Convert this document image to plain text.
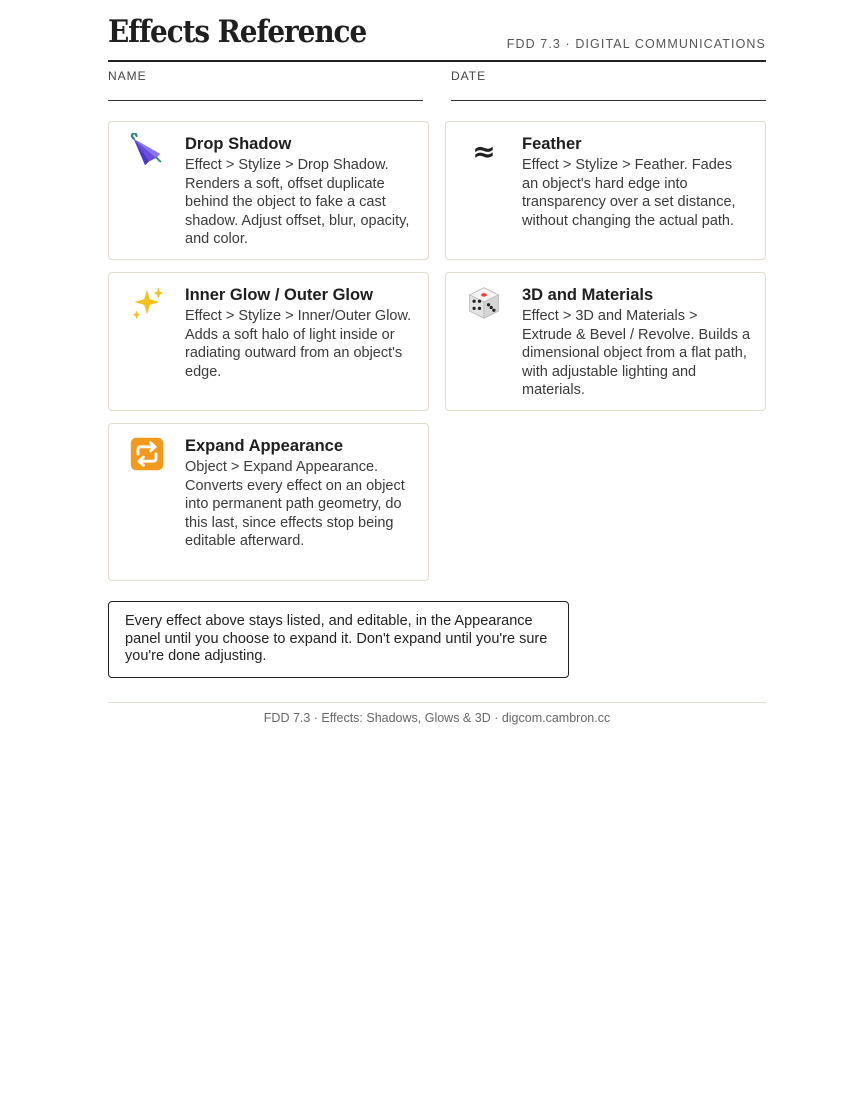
Effects Reference	FDD 7.3 · DIGITAL COMMUNICATIONS
NAME	DATE

Drop Shadow

Effect > Stylize > Drop Shadow. Renders a soft, offset duplicate behind the object to fake a cast shadow. Adjust offset, blur, opacity, and color.

≈ Feather

Effect > Stylize > Feather. Fades an object's hard edge into transparency over a set distance, without changing the actual path.

Inner Glow / Outer Glow

Effect > Stylize > Inner/Outer Glow. Adds a soft halo of light inside or radiating outward from an object's edge.

3D and Materials

Effect > 3D and Materials > Extrude & Bevel / Revolve. Builds a dimensional object from a flat path, with adjustable lighting and materials.

Expand Appearance

Object > Expand Appearance. Converts every effect on an object into permanent path geometry, do this last, since effects stop being editable afterward.

Every effect above stays listed, and editable, in the Appearance panel until you choose to expand it. Don't expand until you're sure you're done adjusting.
FDD 7.3 · Effects: Shadows, Glows & 3D · digcom.cambron.cc
